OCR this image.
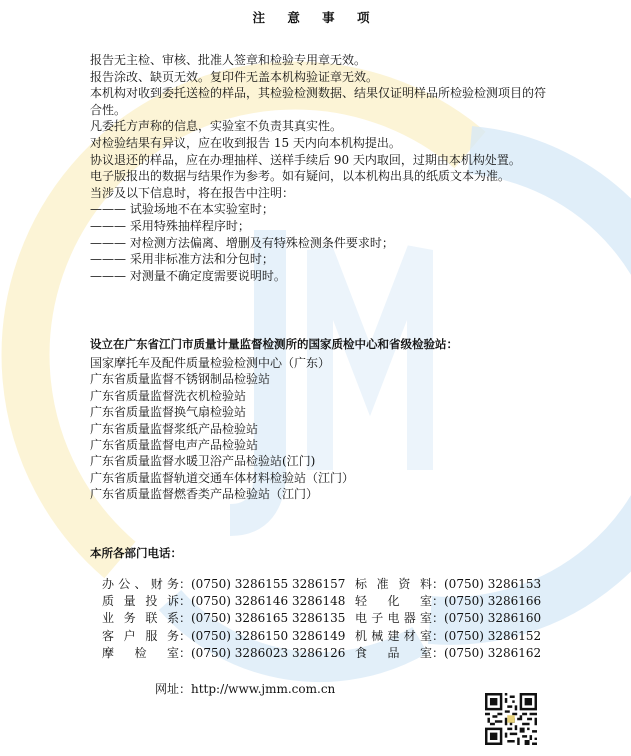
注 意 事 项
报告无主检、审核、批准人签章和检验专用章无效。
报告涂改、缺页无效。复印件无盖本机构验证章无效。
本机构对收到委托送检的样品，其检验检测数据、结果仅证明样品所检验检测项目的符合性。
凡委托方声称的信息，实验室不负责其真实性。
对检验结果有异议，应在收到报告 15 天内向本机构提出。
协议退还的样品，应在办理抽样、送样手续后 90 天内取回，过期由本机构处置。
电子版报出的数据与结果作为参考。如有疑问，以本机构出具的纸质文本为准。
当涉及以下信息时，将在报告中注明：
——— 试验场地不在本实验室时；
——— 采用特殊抽样程序时；
——— 对检测方法偏离、增删及有特殊检测条件要求时；
——— 采用非标准方法和分包时；
——— 对测量不确定度需要说明时。
设立在广东省江门市质量计量监督检测所的国家质检中心和省级检验站：
国家摩托车及配件质量检验检测中心（广东）
广东省质量监督不锈钢制品检验站
广东省质量监督洗衣机检验站
广东省质量监督换气扇检验站
广东省质量监督浆纸产品检验站
广东省质量监督电声产品检验站
广东省质量监督水暖卫浴产品检验站(江门)
广东省质量监督轨道交通车体材料检验站（江门）
广东省质量监督燃香类产品检验站（江门）
本所各部门电话：
办公、财务 ：(0750) 3286155 3286157 标准资料 ：(0750) 3286153
质量投诉 ：(0750) 3286146 3286148 轻化室 ：(0750) 3286166
业务联系 ：(0750) 3286165 3286135 电子电器室 ：(0750) 3286160
客户服务 ：(0750) 3286150 3286149 机械建材室 ：(0750) 3286152
摩检室 ：(0750) 3286023 3286126 食品室 ：(0750) 3286162
网址：http://www.jmm.com.cn
